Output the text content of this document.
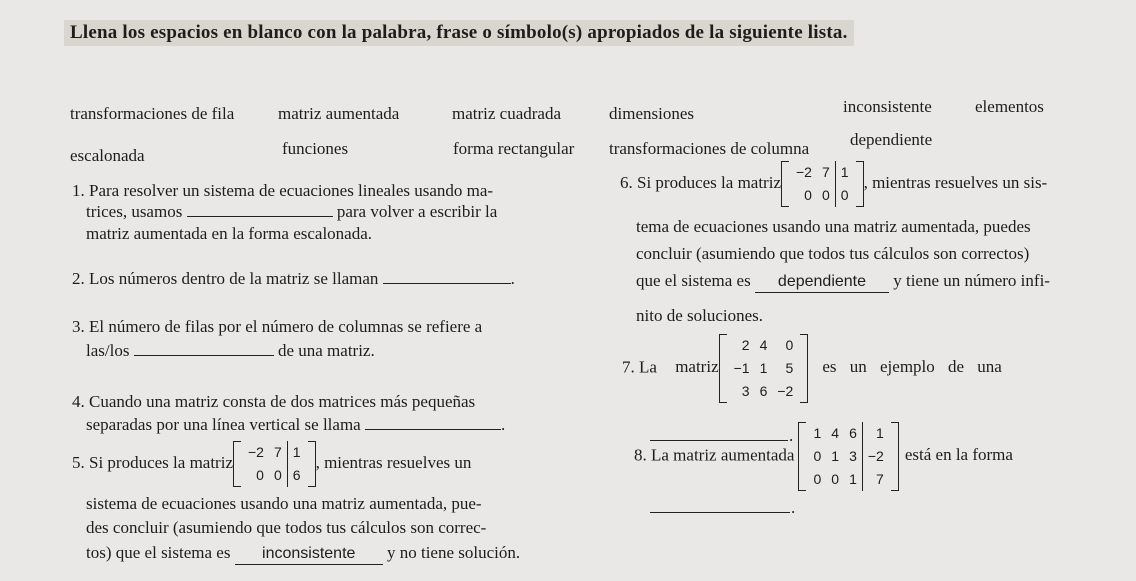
Llena los espacios en blanco con la palabra, frase o símbolo(s) apropiados de la siguiente lista.
transformaciones de fila	matriz aumentada	matriz cuadrada	dimensiones	inconsistente	elementos
escalonada	funciones	forma rectangular transformaciones de columna dependiente
1. Para resolver un sistema de ecuaciones lineales usando ma-
trices, usamos	para volver a escribir la
matriz aumentada en la forma escalonada.
2. Los números dentro de la matriz se llaman	.
3. El número de filas por el número de columnas se refiere a
las/los	de una matriz.
4. Cuando una matriz consta de dos matrices más pequeñas
separadas por una línea vertical se llama	.
5. Si produces la matriz
−2	7	1
0	0	6
, mientras resuelves un
sistema de ecuaciones usando una matriz aumentada, pue-
des concluir (asumiendo que todos tus cálculos son correc-
tos) que el sistema es inconsistente y no tiene solución.
6. Si produces la matriz
−2	7	1
0	0	0
, mientras resuelves un sis-
tema de ecuaciones usando una matriz aumentada, puedes
concluir (asumiendo que todos tus cálculos son correctos)
que el sistema es dependiente y tiene un número infi-
nito de soluciones.
7. La matriz
2	4	0
−1	1	5
3	6	−2
es un ejemplo de una
.
8. La matriz aumentada
1	4	6	1
0	1	3	−2
0	0	1	7
está en la forma
.
